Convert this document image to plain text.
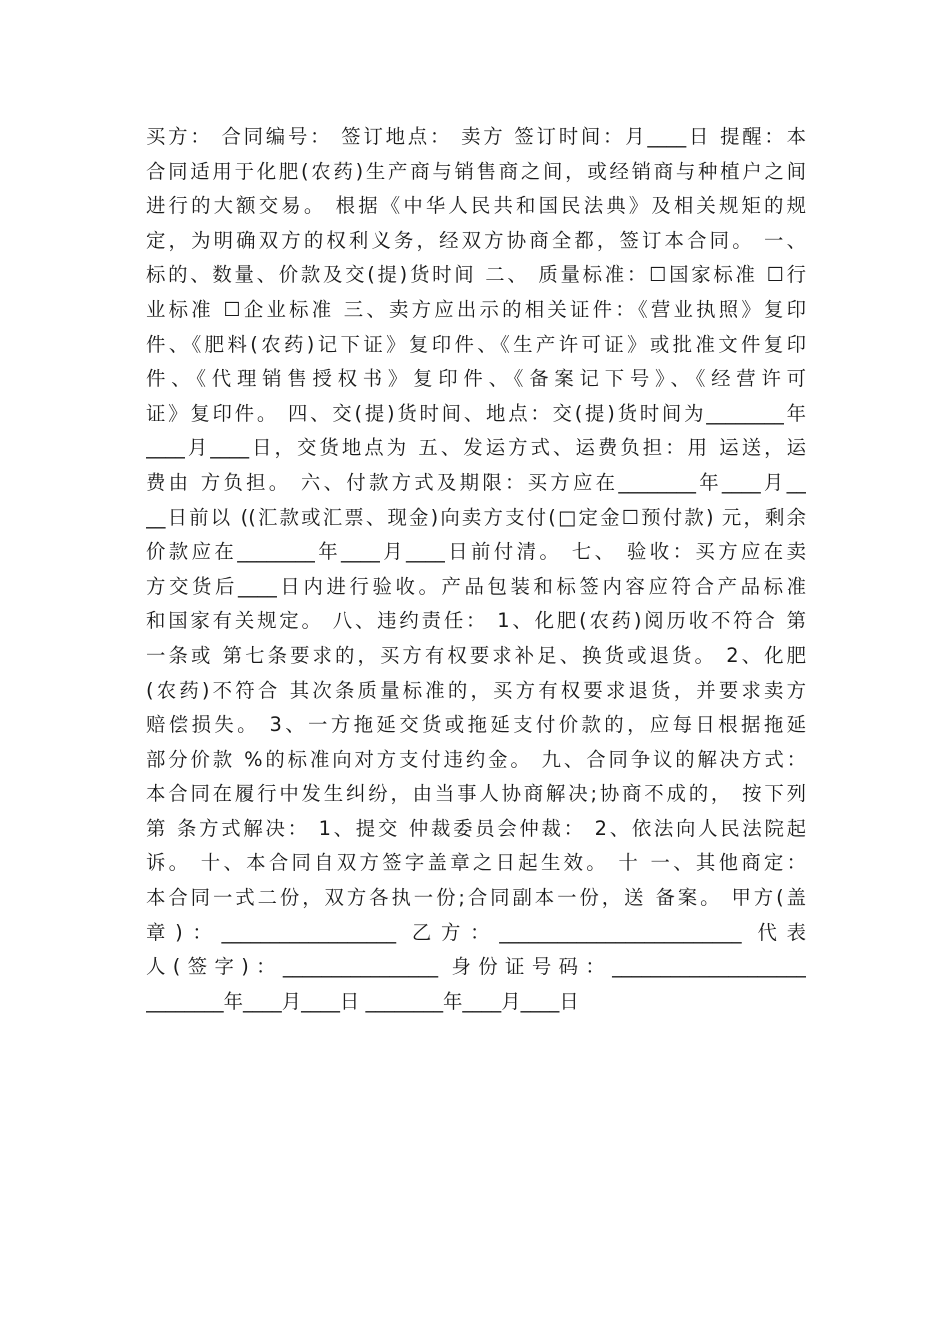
买方： 合同编号： 签订地点： 卖方 签订时间：月____日 提醒：本
合同适用于化肥(农药)生产商与销售商之间，或经销商与种植户之间
进行的大额交易。 根据《中华人民共和国民法典》及相关规矩的规
定，为明确双方的权利义务，经双方协商全都，签订本合同。 一、
标的、数量、价款及交(提)货时间 二、 质量标准：☐国家标准 ☐行
业标准 ☐企业标准 三、卖方应出示的相关证件：《营业执照》复印
件、《肥料(农药)记下证》复印件、《生产许可证》或批准文件复印
件、《代理销售授权书》复印件、《备案记下号》、《经营许可
证》复印件。 四、交(提)货时间、地点：交(提)货时间为________年
____月____日，交货地点为 五、发运方式、运费负担：用 运送，运
费由 方负担。 六、付款方式及期限：买方应在________年____月__
__日前以 ((汇款或汇票、现金)向卖方支付(□定金☐预付款) 元，剩余
价款应在________年____月____日前付清。 七、 验收：买方应在卖
方交货后____日内进行验收。产品包装和标签内容应符合产品标准
和国家有关规定。 八、违约责任： 1、化肥(农药)阅历收不符合 第
一条或 第七条要求的，买方有权要求补足、换货或退货。 2、化肥
(农药)不符合 其次条质量标准的，买方有权要求退货，并要求卖方
赔偿损失。 3、一方拖延交货或拖延支付价款的，应每日根据拖延
部分价款 %的标准向对方支付违约金。 九、合同争议的解决方式：
本合同在履行中发生纠纷，由当事人协商解决;协商不成的， 按下列
第 条方式解决： 1、提交 仲裁委员会仲裁： 2、依法向人民法院起
诉。 十、本合同自双方签字盖章之日起生效。 十 一、其他商定：
本合同一式二份，双方各执一份;合同副本一份，送 备案。 甲方(盖
章)：__________________ 乙方：_________________________ 代表
人(签字)：________________ 身份证号码：____________________
________年____月____日 ________年____月____日
